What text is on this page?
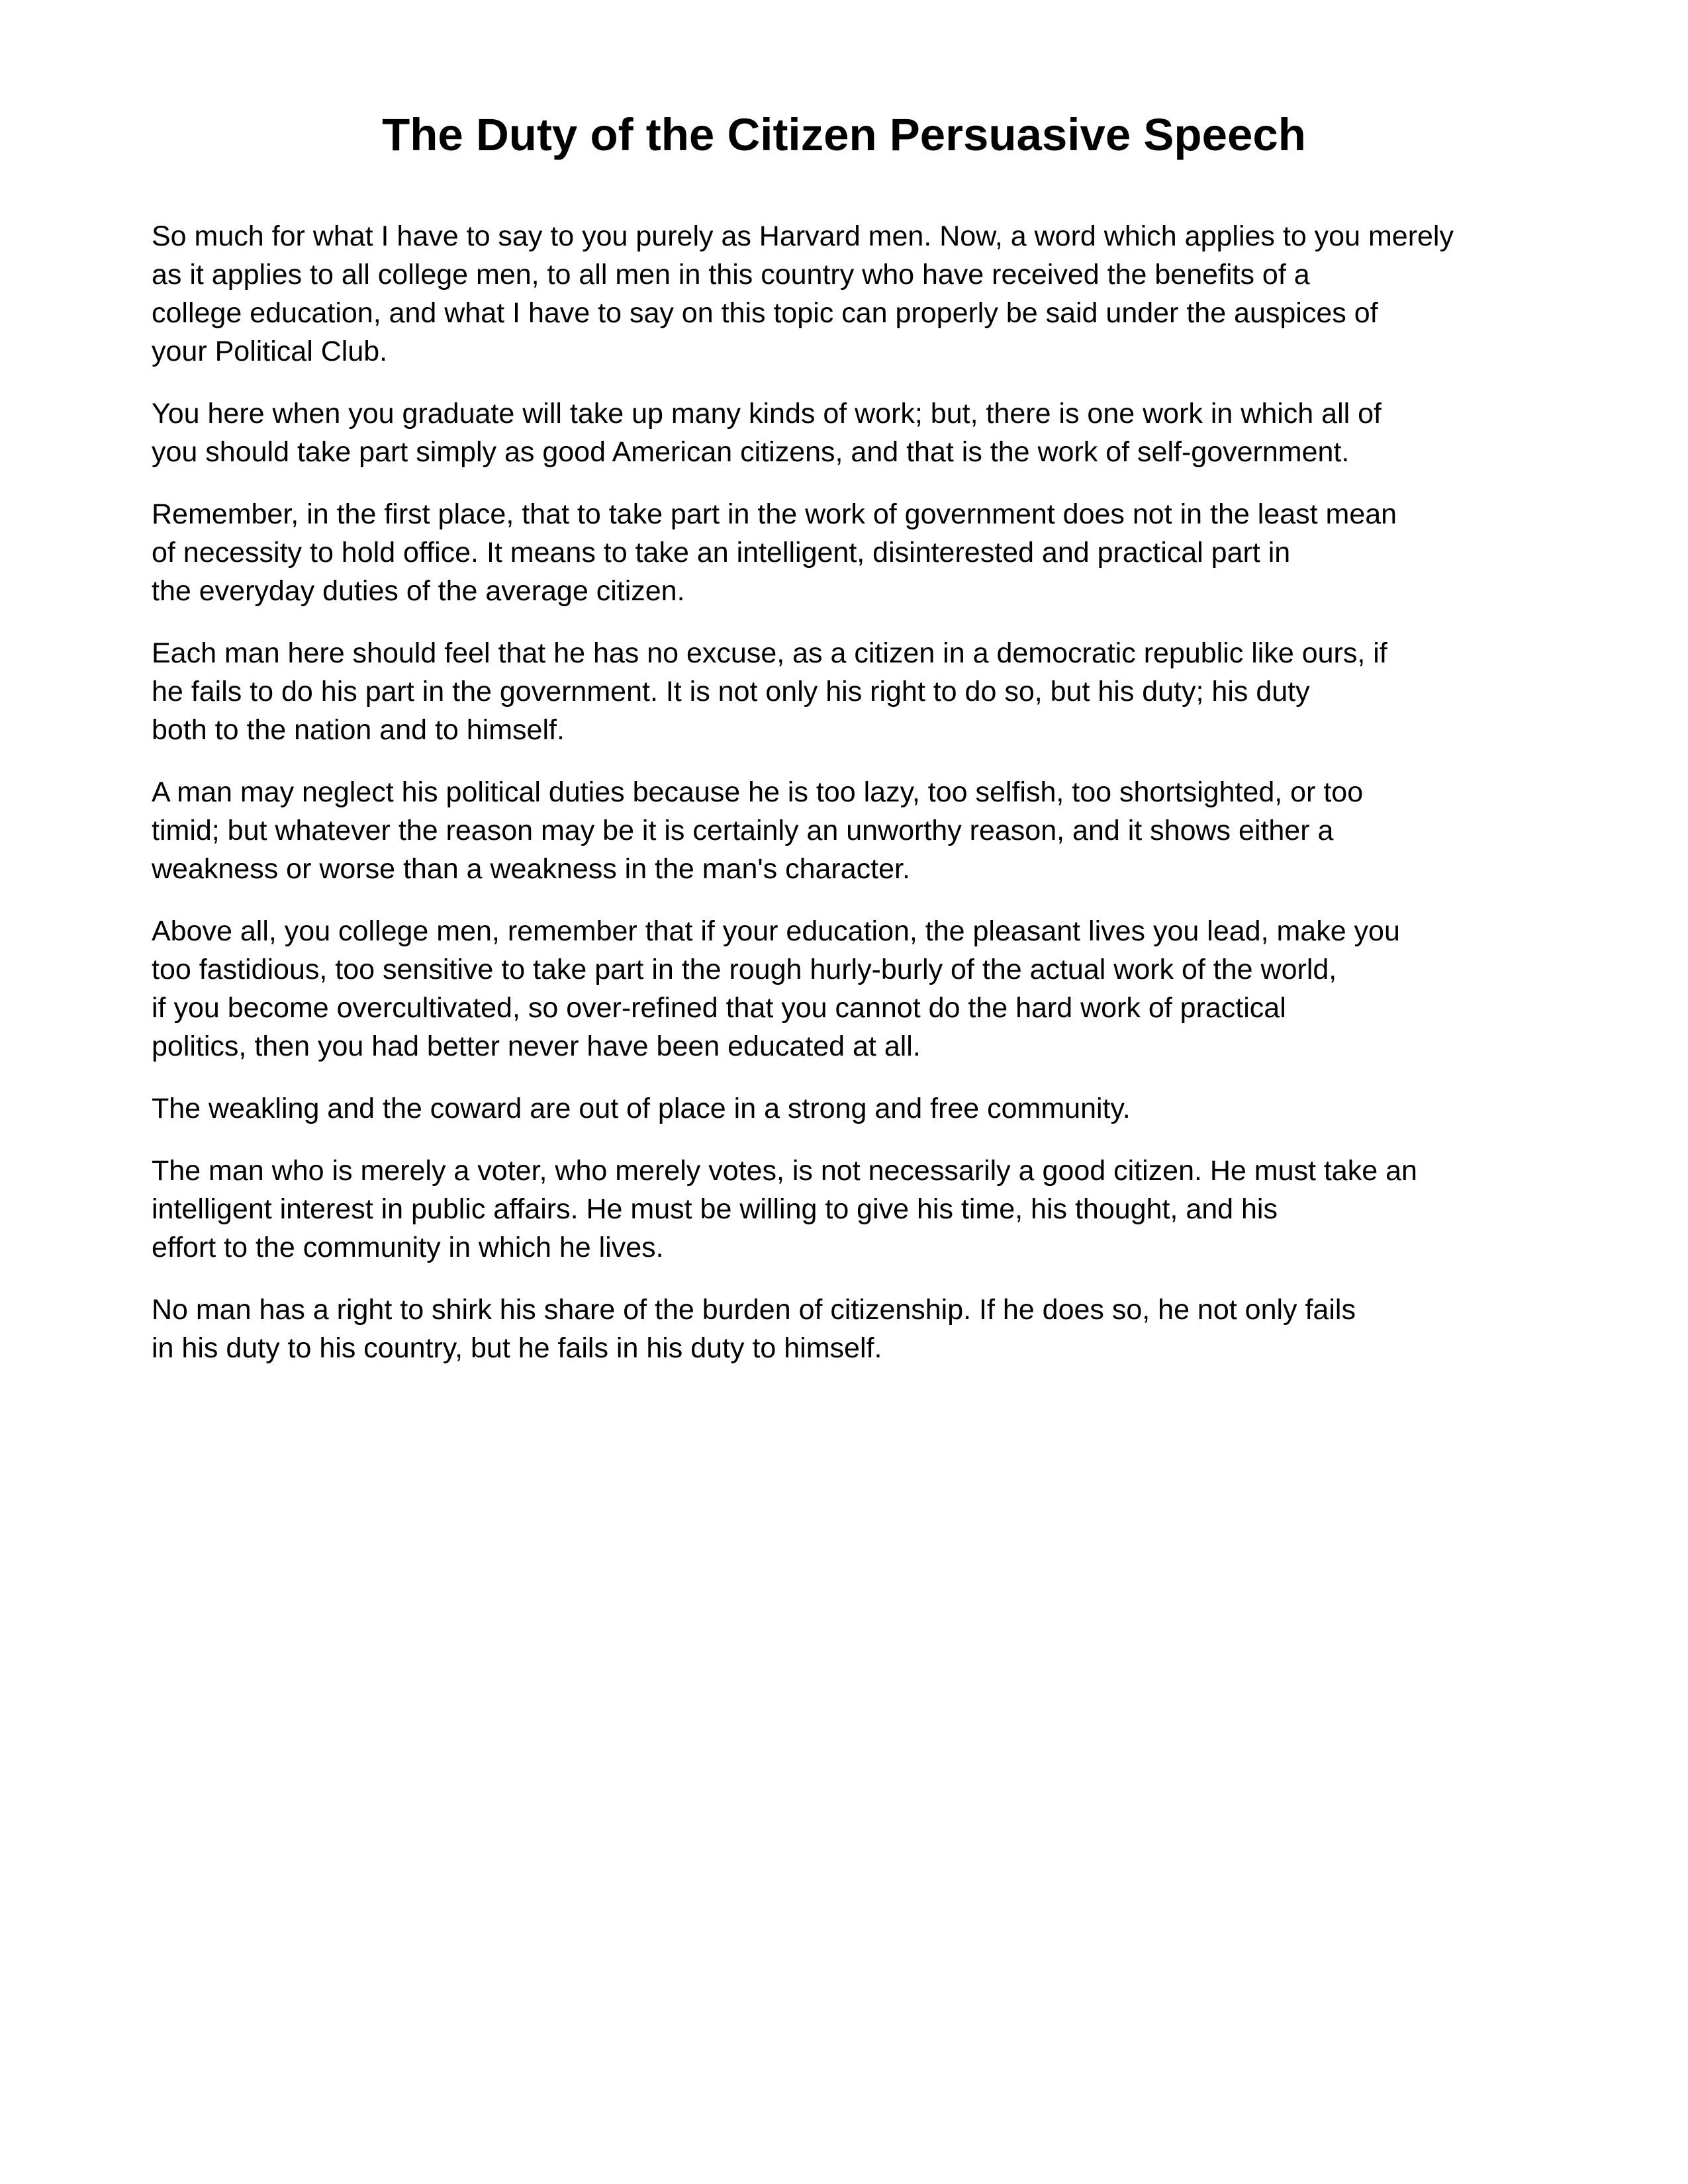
The Duty of the Citizen Persuasive Speech

So much for what I have to say to you purely as Harvard men. Now, a word which applies to you merely
as it applies to all college men, to all men in this country who have received the benefits of a
college education, and what I have to say on this topic can properly be said under the auspices of
your Political Club.

You here when you graduate will take up many kinds of work; but, there is one work in which all of
you should take part simply as good American citizens, and that is the work of self-government.

Remember, in the first place, that to take part in the work of government does not in the least mean
of necessity to hold office. It means to take an intelligent, disinterested and practical part in
the everyday duties of the average citizen.

Each man here should feel that he has no excuse, as a citizen in a democratic republic like ours, if
he fails to do his part in the government. It is not only his right to do so, but his duty; his duty
both to the nation and to himself.

A man may neglect his political duties because he is too lazy, too selfish, too shortsighted, or too
timid; but whatever the reason may be it is certainly an unworthy reason, and it shows either a
weakness or worse than a weakness in the man's character.

Above all, you college men, remember that if your education, the pleasant lives you lead, make you
too fastidious, too sensitive to take part in the rough hurly-burly of the actual work of the world,
if you become overcultivated, so over-refined that you cannot do the hard work of practical
politics, then you had better never have been educated at all.

The weakling and the coward are out of place in a strong and free community.

The man who is merely a voter, who merely votes, is not necessarily a good citizen. He must take an
intelligent interest in public affairs. He must be willing to give his time, his thought, and his
effort to the community in which he lives.

No man has a right to shirk his share of the burden of citizenship. If he does so, he not only fails
in his duty to his country, but he fails in his duty to himself.
